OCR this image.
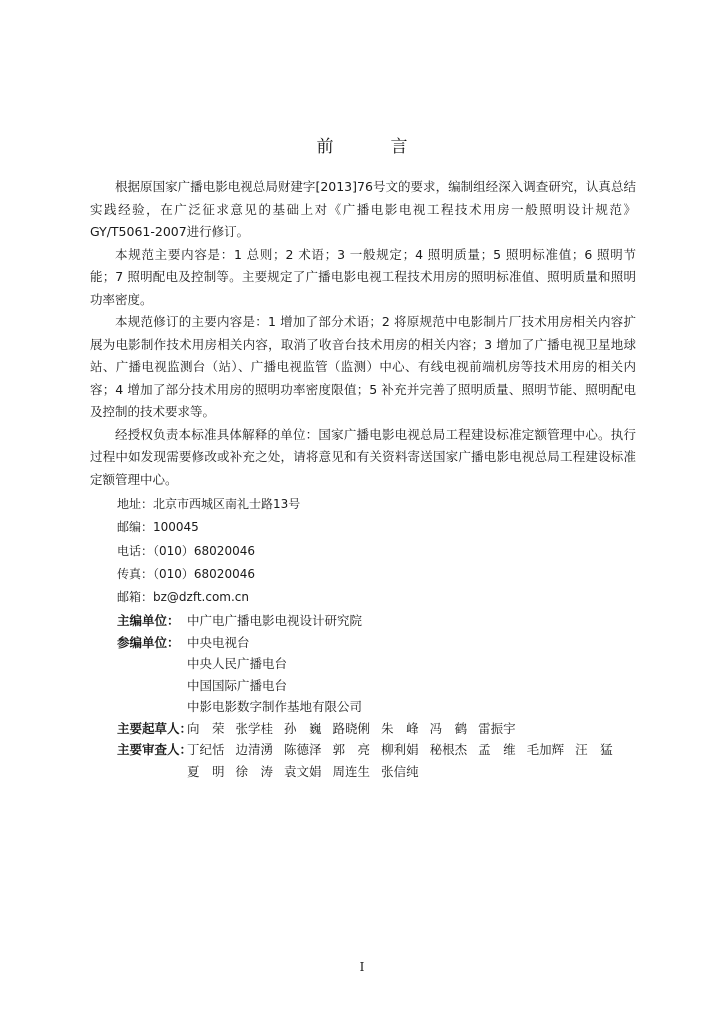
前　言

根据原国家广播电影电视总局财建字[2013]76号文的要求，编制组经深入调查研究，认真总结实践经验，在广泛征求意见的基础上对《广播电影电视工程技术用房一般照明设计规范》GY/T5061-2007进行修订。

本规范主要内容是：1 总则；2 术语；3 一般规定；4 照明质量；5 照明标准值；6 照明节能；7 照明配电及控制等。主要规定了广播电影电视工程技术用房的照明标准值、照明质量和照明功率密度。

本规范修订的主要内容是：1 增加了部分术语；2 将原规范中电影制片厂技术用房相关内容扩展为电影制作技术用房相关内容，取消了收音台技术用房的相关内容；3 增加了广播电视卫星地球站、广播电视监测台（站）、广播电视监管（监测）中心、有线电视前端机房等技术用房的相关内容；4 增加了部分技术用房的照明功率密度限值；5 补充并完善了照明质量、照明节能、照明配电及控制的技术要求等。

经授权负责本标准具体解释的单位：国家广播电影电视总局工程建设标准定额管理中心。执行过程中如发现需要修改或补充之处，请将意见和有关资料寄送国家广播电影电视总局工程建设标准定额管理中心。

地址：北京市西城区南礼士路13号
邮编：100045
电话：（010）68020046
传真：（010）68020046
邮箱：bz@dzft.com.cn
主编单位： 中广电广播电影电视设计研究院
参编单位： 中央电视台
中央人民广播电台
中国国际广播电台
中影电影数字制作基地有限公司
主要起草人：
向　荣 张学桂 孙　巍 路晓俐 朱　峰 冯　鹤 雷振宇
主要审查人：
丁纪恬 边清湧 陈德泽 郭　亮 柳利娟 秘根杰 孟　维 毛加辉 汪　猛
夏　明 徐　涛 袁文娟 周连生 张信纯
I
